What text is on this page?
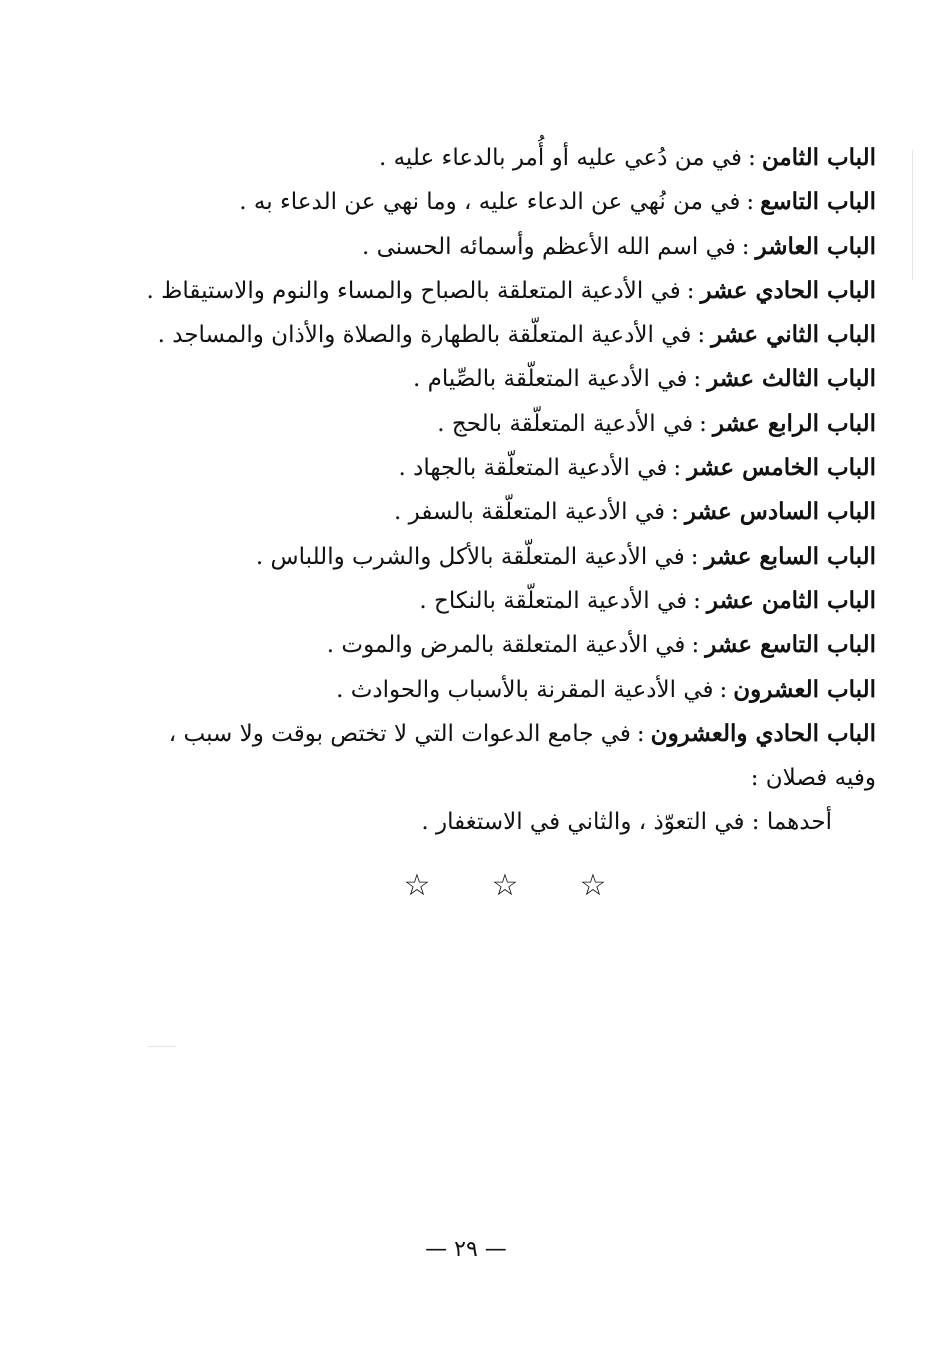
الباب الثامن:في من دُعي عليه أو أُمر بالدعاء عليه .
الباب التاسع:في من نُهي عن الدعاء عليه ، وما نهي عن الدعاء به .
الباب العاشر:في اسم الله الأعظم وأسمائه الحسنى .
الباب الحادي عشر:في الأدعية المتعلقة بالصباح والمساء والنوم والاستيقاظ .
الباب الثاني عشر:في الأدعية المتعلّقة بالطهارة والصلاة والأذان والمساجد .
الباب الثالث عشر:في الأدعية المتعلّقة بالصِّيام .
الباب الرابع عشر:في الأدعية المتعلّقة بالحج .
الباب الخامس عشر:في الأدعية المتعلّقة بالجهاد .
الباب السادس عشر:في الأدعية المتعلّقة بالسفر .
الباب السابع عشر:في الأدعية المتعلّقة بالأكل والشرب واللباس .
الباب الثامن عشر:في الأدعية المتعلّقة بالنكاح .
الباب التاسع عشر:في الأدعية المتعلقة بالمرض والموت .
الباب العشرون:في الأدعية المقرنة بالأسباب والحوادث .
الباب الحادي والعشرون:في جامع الدعوات التي لا تختص بوقت ولا سبب ،
وفيه فصلان :
أحدهما : في التعوّذ ، والثاني في الاستغفار .
☆ ☆ ☆
— ٢٩ —
